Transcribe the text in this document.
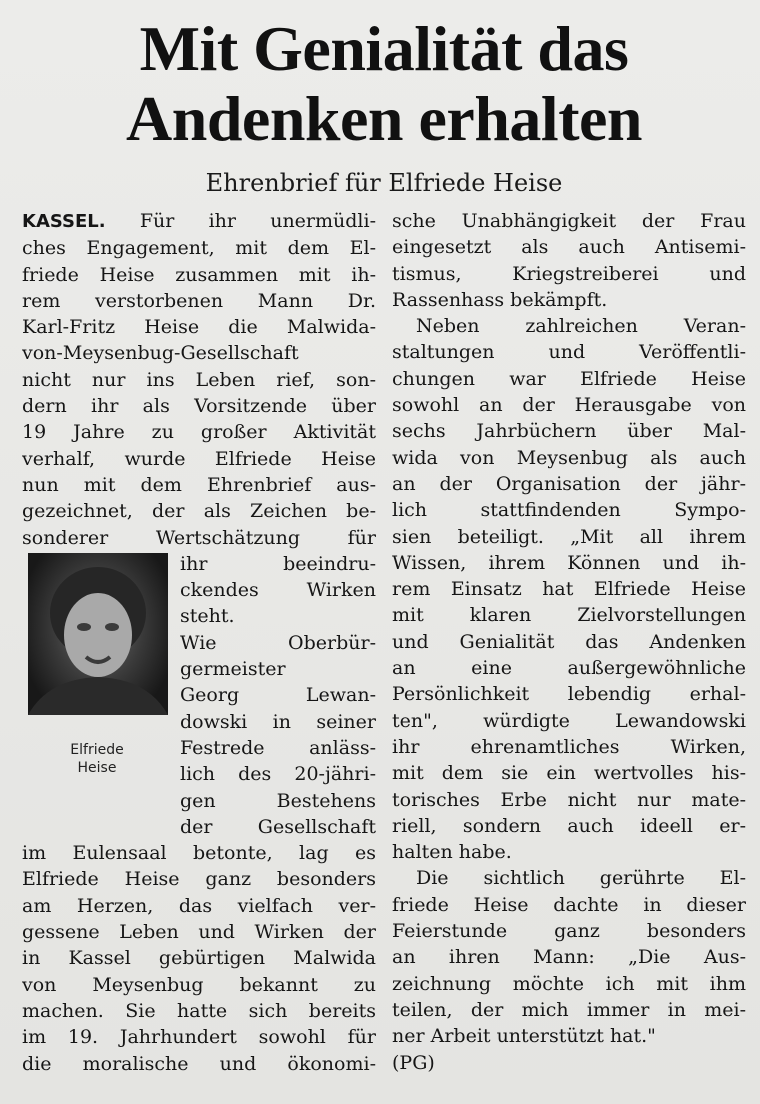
Mit Genialität das
Andenken erhalten
Ehrenbrief für Elfriede Heise
KASSEL. Für ihr unermüdli-
ches Engagement, mit dem El-
friede Heise zusammen mit ih-
rem verstorbenen Mann Dr.
Karl-Fritz Heise die Malwida-
von-Meysenbug-Gesellschaft
nicht nur ins Leben rief, son-
dern ihr als Vorsitzende über
19 Jahre zu großer Aktivität
verhalf, wurde Elfriede Heise
nun mit dem Ehrenbrief aus-
gezeichnet, der als Zeichen be-
sonderer Wertschätzung für
Elfriede
Heise
ihr beeindru-
ckendes Wirken
steht.
Wie Oberbür-
germeister
Georg Lewan-
dowski in seiner
Festrede anläss-
lich des 20-jähri-
gen Bestehens
der Gesellschaft
im Eulensaal betonte, lag es
Elfriede Heise ganz besonders
am Herzen, das vielfach ver-
gessene Leben und Wirken der
in Kassel gebürtigen Malwida
von Meysenbug bekannt zu
machen. Sie hatte sich bereits
im 19. Jahrhundert sowohl für
die moralische und ökonomi-
sche Unabhängigkeit der Frau
eingesetzt als auch Antisemi-
tismus, Kriegstreiberei und
Rassenhass bekämpft.
Neben zahlreichen Veran-
staltungen und Veröffentli-
chungen war Elfriede Heise
sowohl an der Herausgabe von
sechs Jahrbüchern über Mal-
wida von Meysenbug als auch
an der Organisation der jähr-
lich stattfindenden Sympo-
sien beteiligt. „Mit all ihrem
Wissen, ihrem Können und ih-
rem Einsatz hat Elfriede Heise
mit klaren Zielvorstellungen
und Genialität das Andenken
an eine außergewöhnliche
Persönlichkeit lebendig erhal-
ten", würdigte Lewandowski
ihr ehrenamtliches Wirken,
mit dem sie ein wertvolles his-
torisches Erbe nicht nur mate-
riell, sondern auch ideell er-
halten habe.
Die sichtlich gerührte El-
friede Heise dachte in dieser
Feierstunde ganz besonders
an ihren Mann: „Die Aus-
zeichnung möchte ich mit ihm
teilen, der mich immer in mei-
ner Arbeit unterstützt hat."
(PG)
